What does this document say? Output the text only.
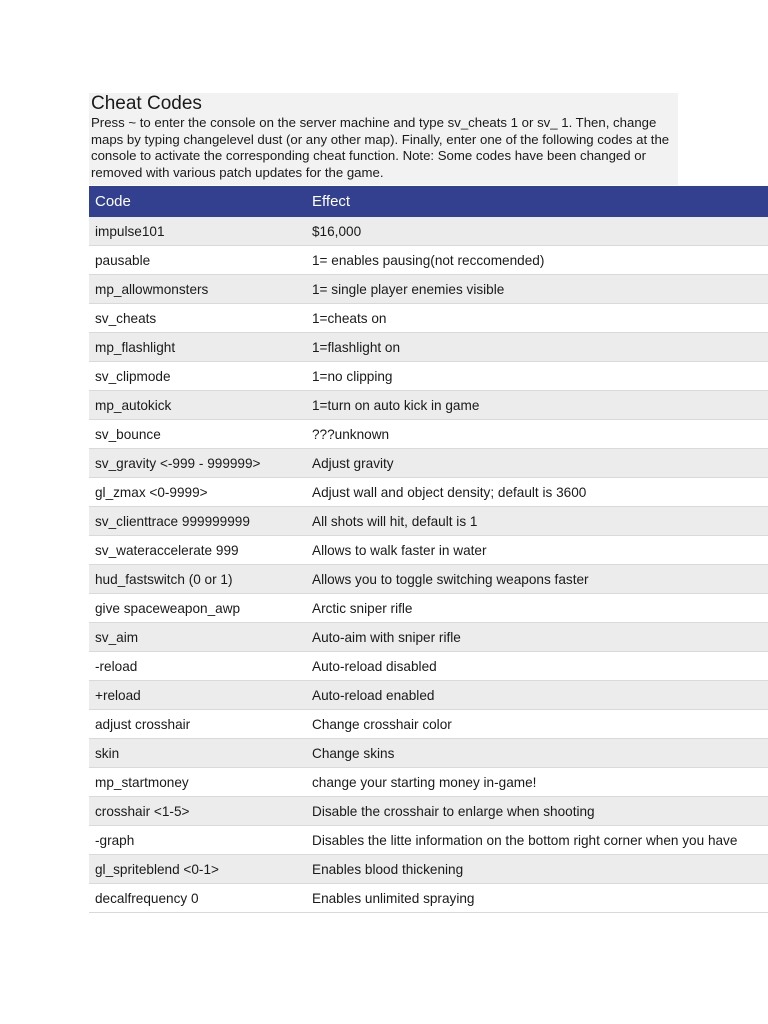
Cheat Codes

Press ~ to enter the console on the server machine and type sv_cheats 1 or sv_ 1. Then, change maps by typing changelevel dust (or any other map). Finally, enter one of the following codes at the console to activate the corresponding cheat function. Note: Some codes have been changed or removed with various patch updates for the game.

Code	Effect
impulse101	$16,000
pausable	1= enables pausing(not reccomended)
mp_allowmonsters	1= single player enemies visible
sv_cheats	1=cheats on
mp_flashlight	1=flashlight on
sv_clipmode	1=no clipping
mp_autokick	1=turn on auto kick in game
sv_bounce	???unknown
sv_gravity <-999 - 999999>	Adjust gravity
gl_zmax <0-9999>	Adjust wall and object density; default is 3600
sv_clienttrace 999999999	All shots will hit, default is 1
sv_wateraccelerate 999	Allows to walk faster in water
hud_fastswitch (0 or 1)	Allows you to toggle switching weapons faster
give spaceweapon_awp	Arctic sniper rifle
sv_aim	Auto-aim with sniper rifle
-reload	Auto-reload disabled
+reload	Auto-reload enabled
adjust crosshair	Change crosshair color
skin	Change skins
mp_startmoney	change your starting money in-game!
crosshair <1-5>	Disable the crosshair to enlarge when shooting
-graph	Disables the litte information on the bottom right corner when you have
gl_spriteblend <0-1>	Enables blood thickening
decalfrequency 0	Enables unlimited spraying
